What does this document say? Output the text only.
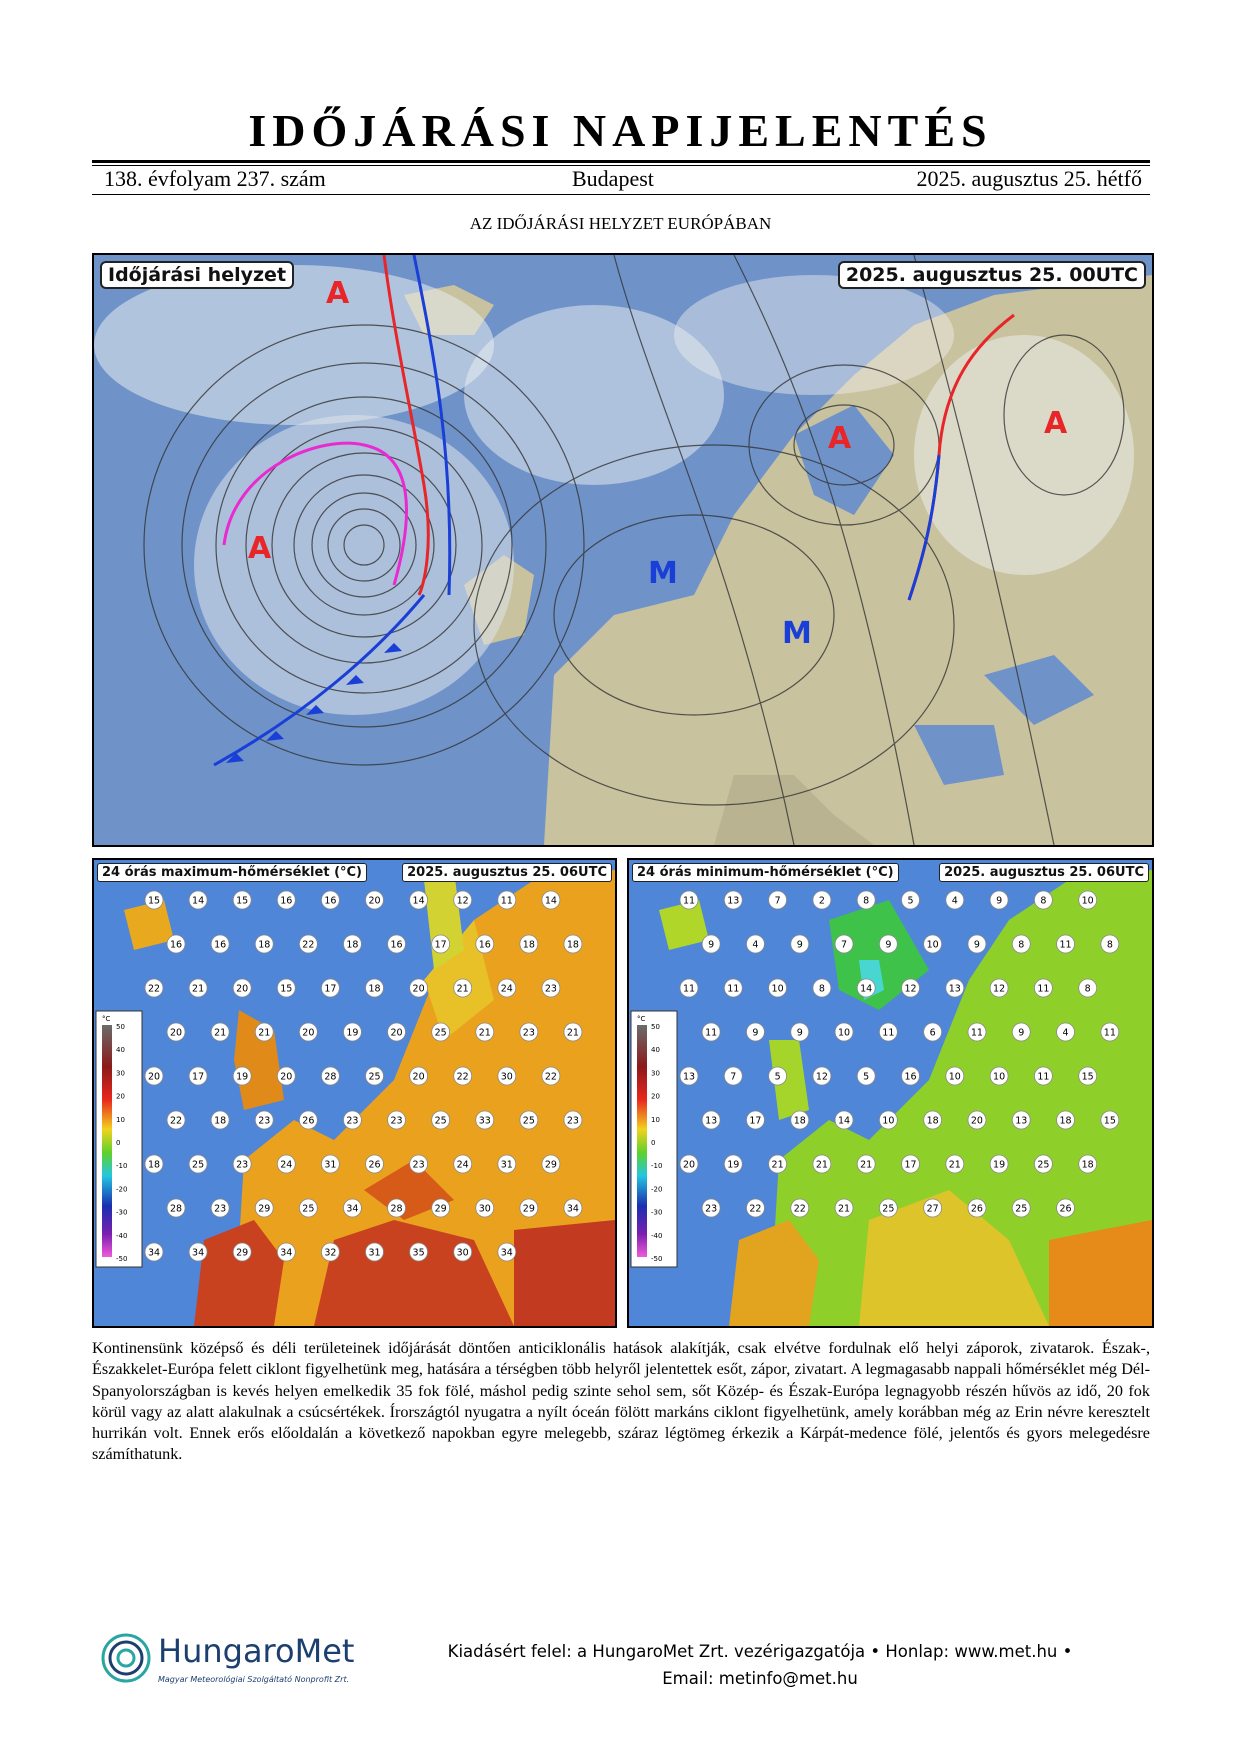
IDŐJÁRÁSI NAPIJELENTÉS
138. évfolyam 237. szám	Budapest	2025. augusztus 25. hétfő
AZ IDŐJÁRÁSI HELYZET EURÓPÁBAN
A
A
A	A
M
M
Időjárási helyzet	2025. augusztus 25. 00UTC
°C
50
40
30
20
10
0
-10
-20
-30
-40
-50
15	14	15	16	16	20	14	12	11	14
16	16	18	22	18	16	17	16	18	18
22	21	20	15	17	18	20	21	24	23
20	21	21	20	19	20	25	21	23	21
20	17	19	20	28	25	20	22	30	22
22	18	23	26	23	23	25	33	25	23
18	25	23	24	31	26	23	24	31	29
28	23	29	25	34	28	29	30	29	34
34	34	29	34	32	31	35	30	34
24 órás maximum-hőmérséklet (°C)	2025. augusztus 25. 06UTC
°C
50
40
30
20
10
0
-10
-20
-30
-40
-50
11	13	7	2	8	5	4	9	8	10
9	4	9	7	9	10	9	8	11	8
11	11	10	8	14	12	13	12	11	8
11	9	9	10	11	6	11	9	4	11
13	7	5	12	5	16	10	10	11	15
13	17	18	14	10	18	20	13	18	15
20	19	21	21	21	17	21	19	25	18
23	22	22	21	25	27	26	25	26
24 órás minimum-hőmérséklet (°C)	2025. augusztus 25. 06UTC
Kontinensünk középső és déli területeinek időjárását döntően anticiklonális hatások alakítják, csak elvétve fordulnak elő helyi záporok, zivatarok. Észak-, Északkelet-Európa felett ciklont figyelhetünk meg, hatására a térségben több helyről jelentettek esőt, zápor, zivatart. A legmagasabb nappali hőmérséklet még Dél-Spanyolországban is kevés helyen emelkedik 35 fok fölé, máshol pedig szinte sehol sem, sőt Közép- és Észak-Európa legnagyobb részén hűvös az idő, 20 fok körül vagy az alatt alakulnak a csúcsértékek. Írországtól nyugatra a nyílt óceán fölött markáns ciklont figyelhetünk, amely korábban még az Erin névre keresztelt hurrikán volt. Ennek erős előoldalán a következő napokban egyre melegebb, száraz légtömeg érkezik a Kárpát-medence fölé, jelentős és gyors melegedésre számíthatunk.
HungaroMet
Magyar Meteorológiai Szolgáltató Nonprofit Zrt.
Kiadásért felel: a HungaroMet Zrt. vezérigazgatója • Honlap: www.met.hu •
Email: metinfo@met.hu
